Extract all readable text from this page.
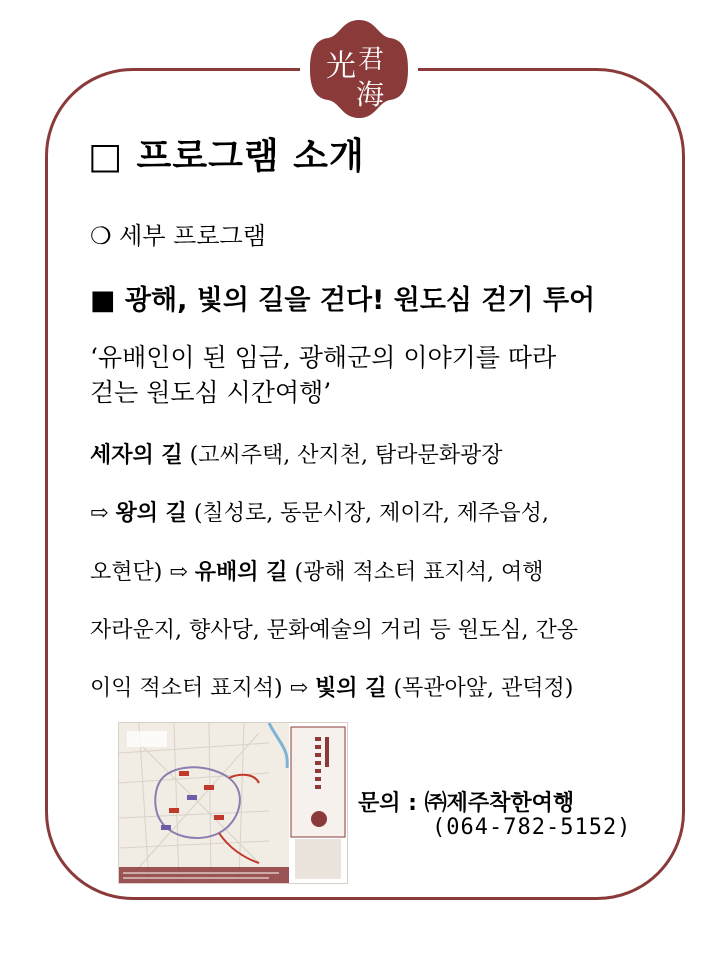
光
海
君
□ 프로그램 소개
❍ 세부 프로그램
■ 광해, 빛의 길을 걷다! 원도심 걷기 투어
‘유배인이 된 임금, 광해군의 이야기를 따라
걷는 원도심 시간여행’
세자의 길 (고씨주택, 산지천, 탐라문화광장
⇨ 왕의 길 (칠성로, 동문시장, 제이각, 제주읍성,
오현단) ⇨ 유배의 길 (광해 적소터 표지석, 여행
자라운지, 향사당, 문화예술의 거리 등 원도심, 간옹
이익 적소터 표지석) ⇨ 빛의 길 (목관아앞, 관덕정)
문의 : ㈜제주착한여행
(064-782-5152)
